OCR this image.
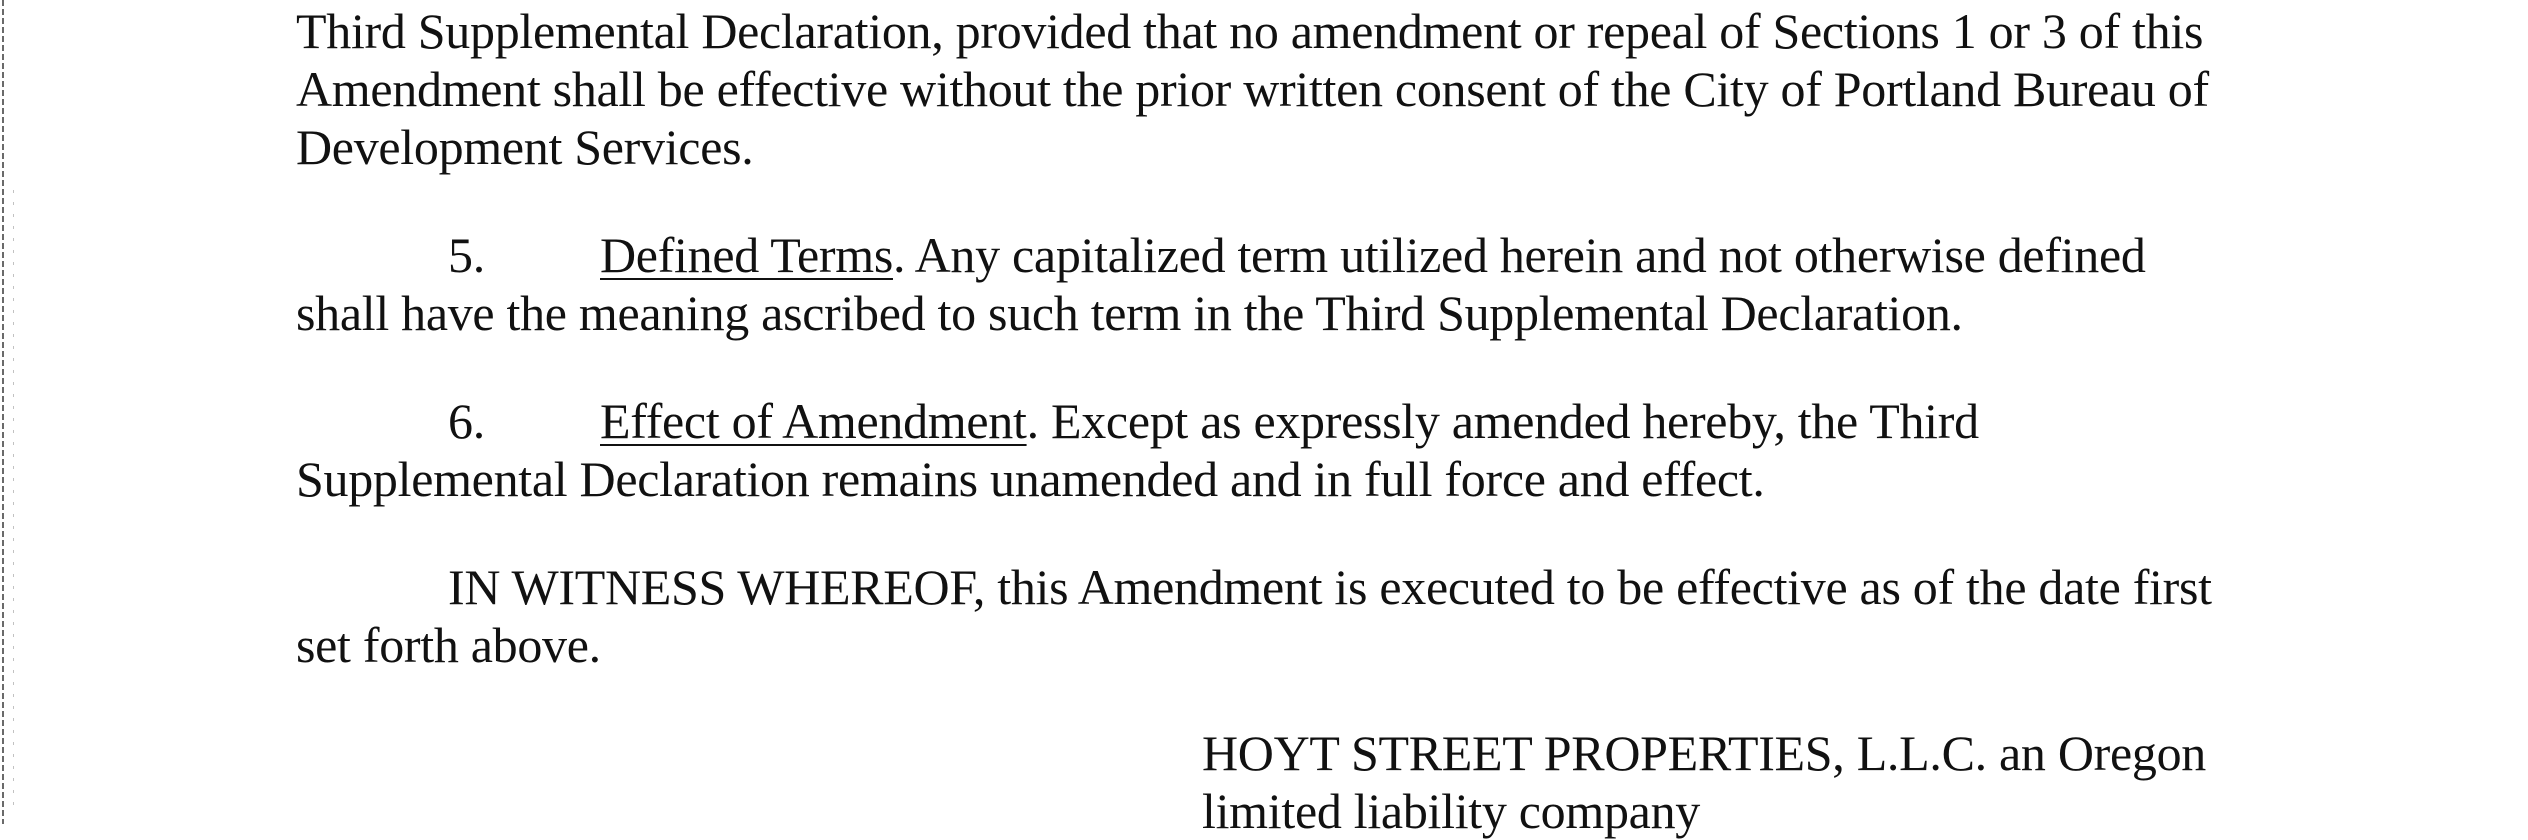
Third Supplemental Declaration, provided that no amendment or repeal of Sections 1 or 3 of this
Amendment shall be effective without the prior written consent of the City of Portland Bureau of
Development Services.
5. Defined Terms. Any capitalized term utilized herein and not otherwise defined
shall have the meaning ascribed to such term in the Third Supplemental Declaration.
6. Effect of Amendment. Except as expressly amended hereby, the Third
Supplemental Declaration remains unamended and in full force and effect.
IN WITNESS WHEREOF, this Amendment is executed to be effective as of the date first
set forth above.
HOYT STREET PROPERTIES, L.L.C. an Oregon
limited liability company
